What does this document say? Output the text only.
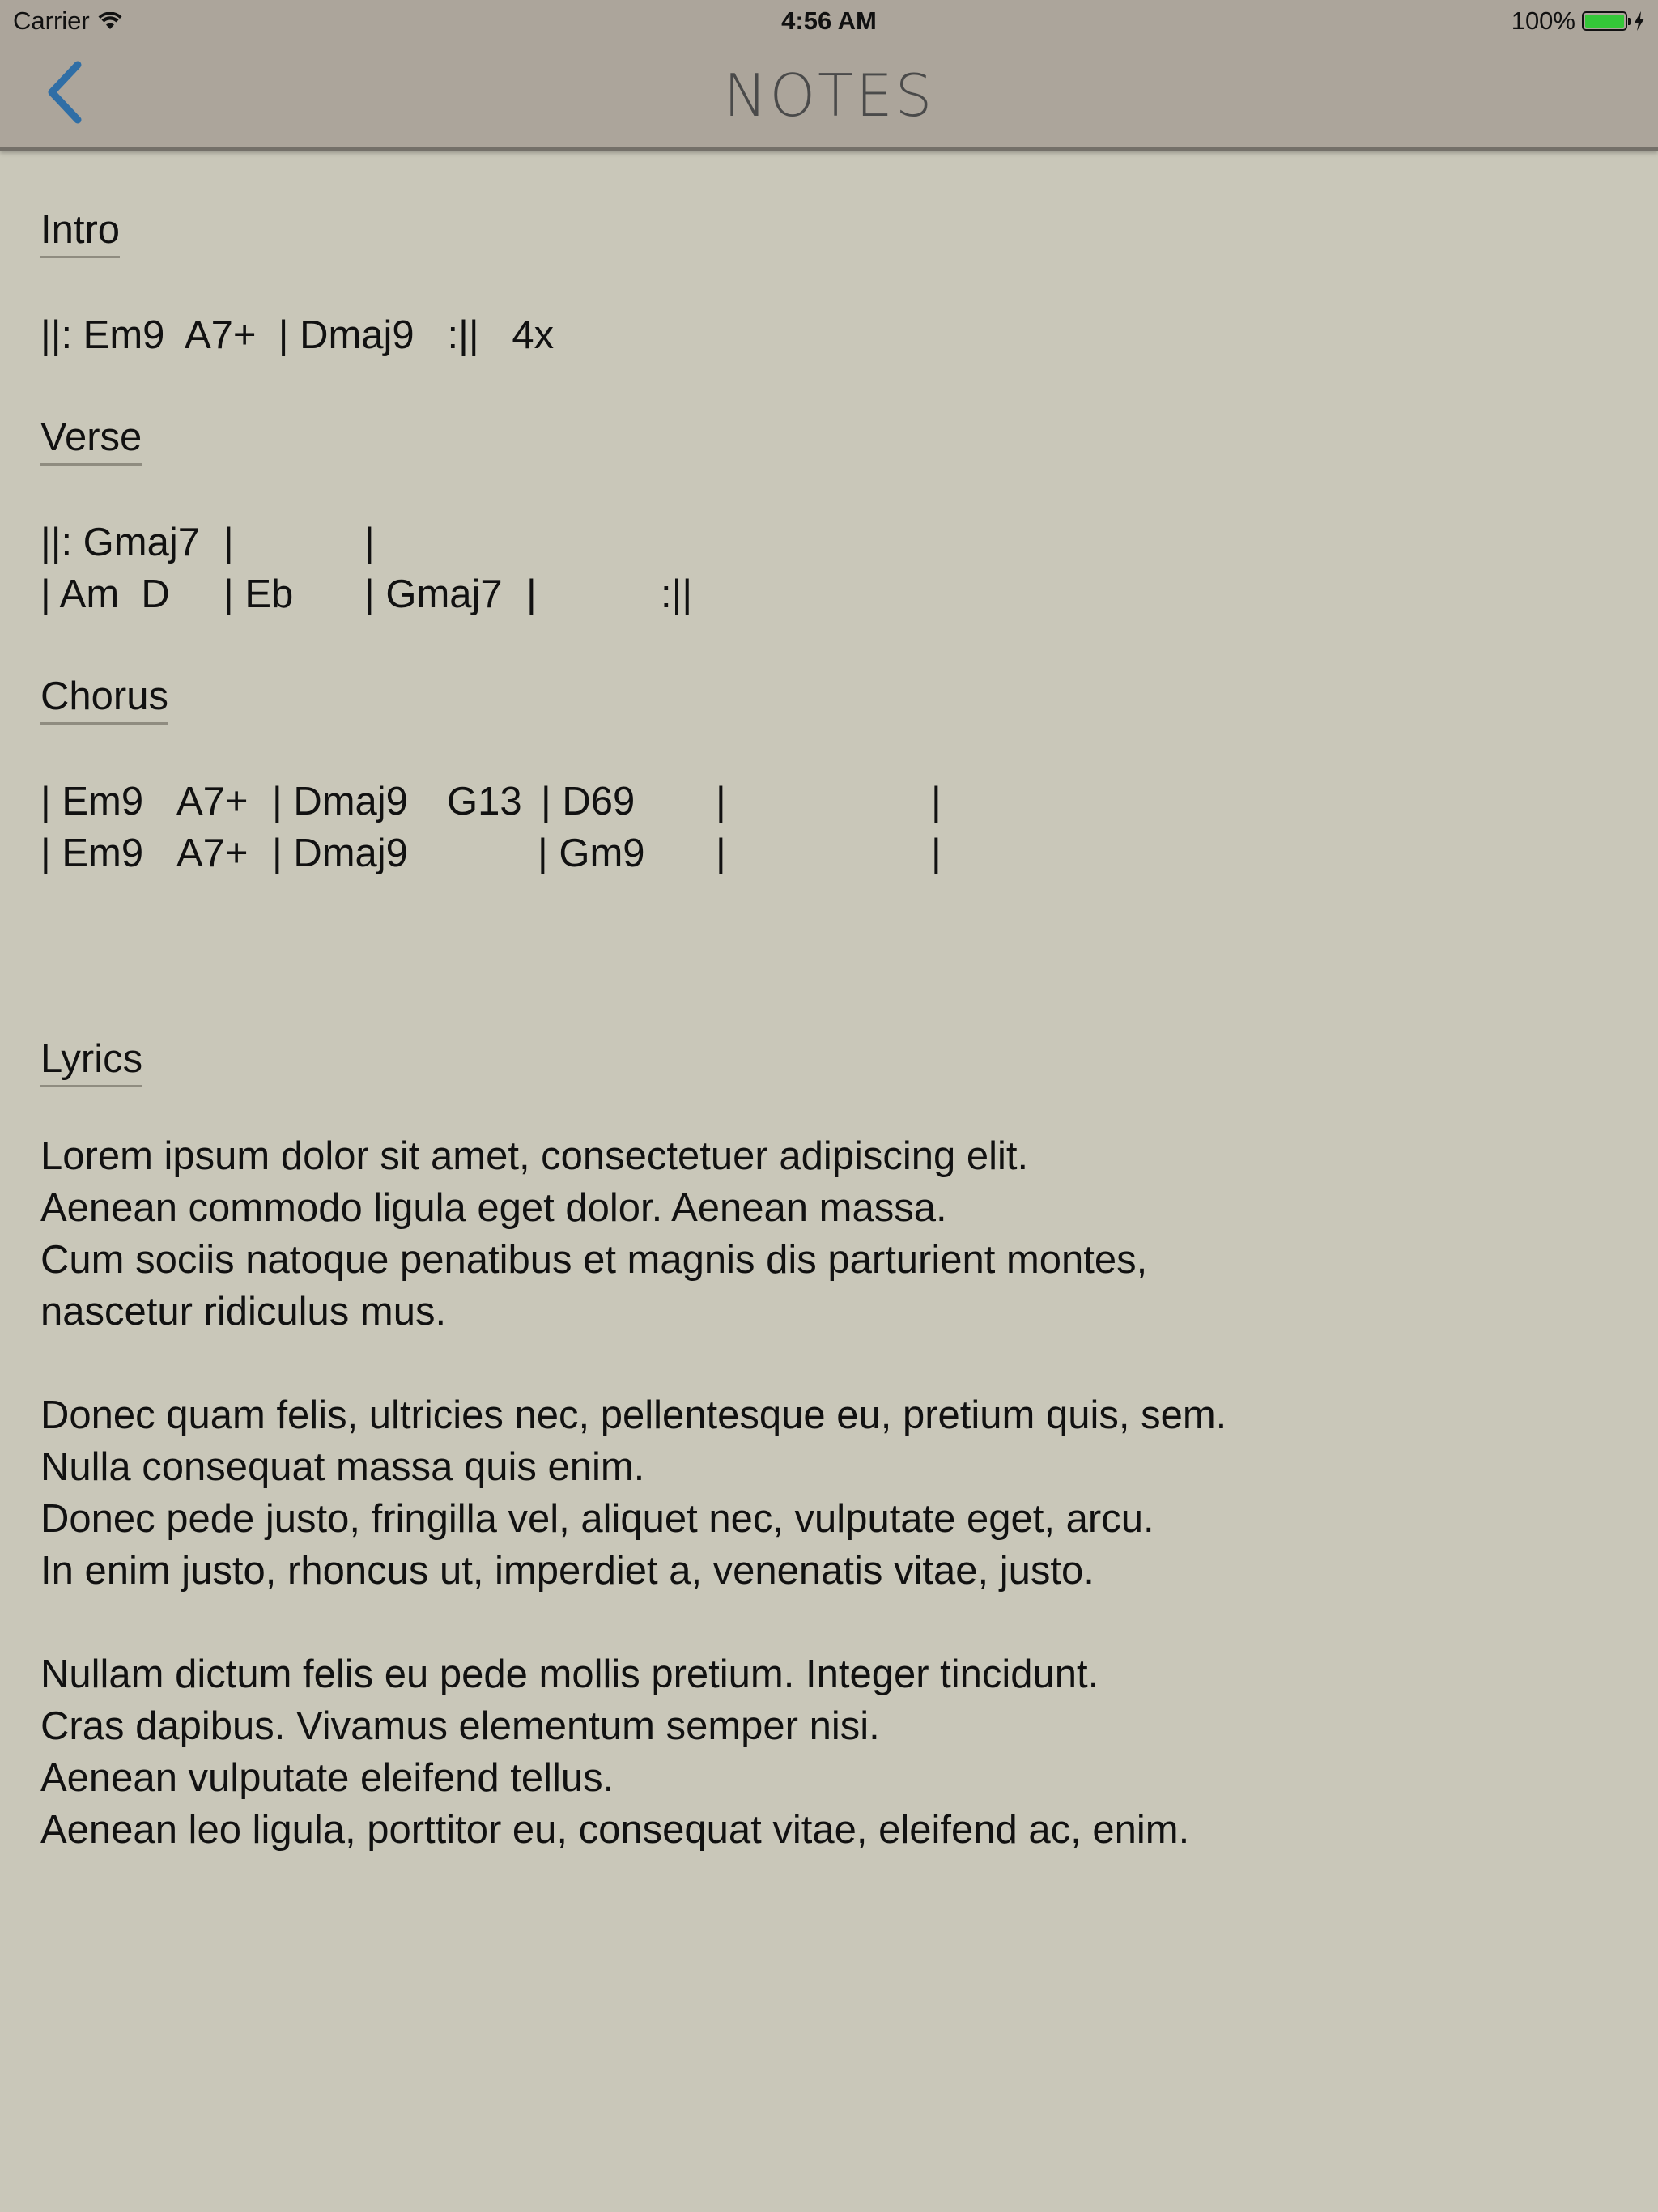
Carrier	4:56 AM	100%
NOTES
Intro
||: Em9  A7+  | Dmaj9   :||   4x
Verse
||: Gmaj7 |	|
| Am  D | Eb | Gmaj7 |	:||
Chorus
| Em9 A7+ | Dmaj9 G13 | D69 |	|
| Em9 A7+ | Dmaj9	| Gm9 |	|
Lyrics
Lorem ipsum dolor sit amet, consectetuer adipiscing elit.
Aenean commodo ligula eget dolor. Aenean massa.
Cum sociis natoque penatibus et magnis dis parturient montes,
nascetur ridiculus mus.
Donec quam felis, ultricies nec, pellentesque eu, pretium quis, sem.
Nulla consequat massa quis enim.
Donec pede justo, fringilla vel, aliquet nec, vulputate eget, arcu.
In enim justo, rhoncus ut, imperdiet a, venenatis vitae, justo.
Nullam dictum felis eu pede mollis pretium. Integer tincidunt.
Cras dapibus. Vivamus elementum semper nisi.
Aenean vulputate eleifend tellus.
Aenean leo ligula, porttitor eu, consequat vitae, eleifend ac, enim.
